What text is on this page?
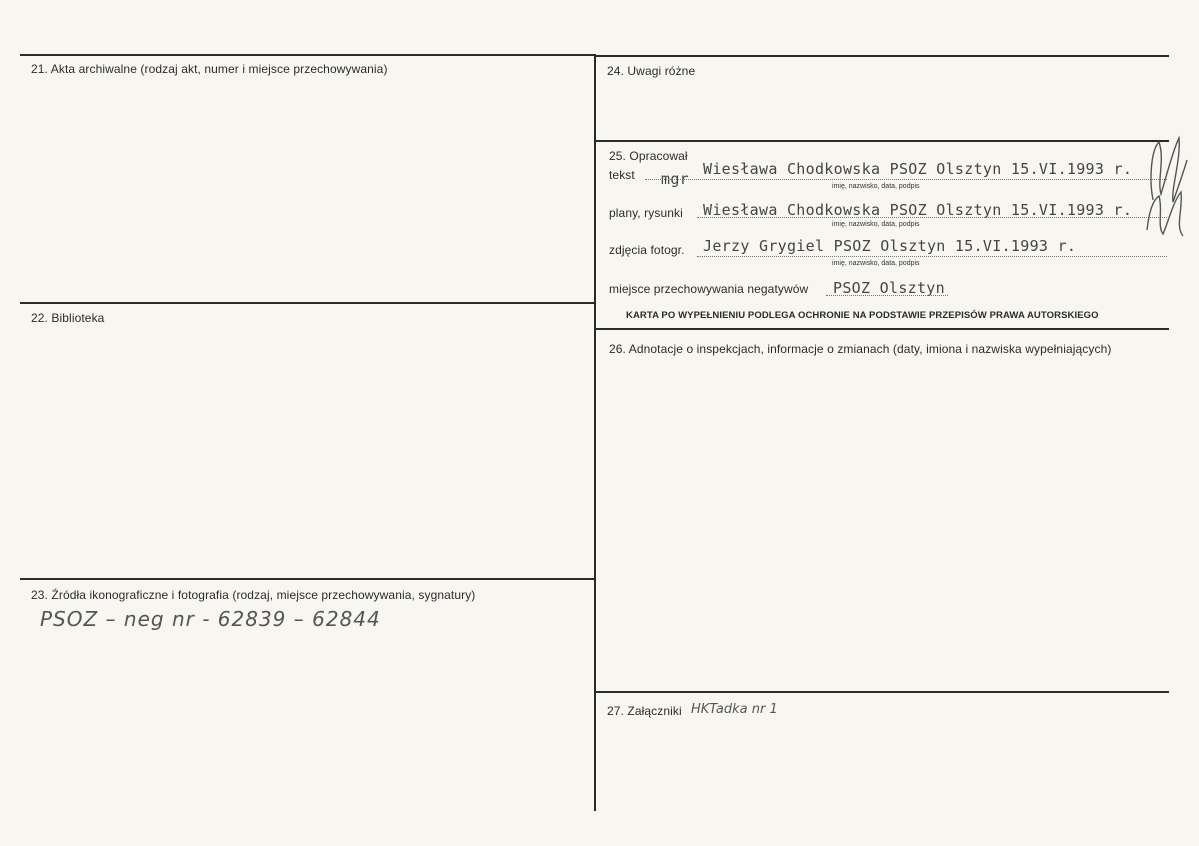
21. Akta archiwalne (rodzaj akt, numer i miejsce przechowywania)
22. Biblioteka
23. Źródła ikonograficzne i fotografia (rodzaj, miejsce przechowywania, sygnatury)
PSOZ – neg nr - 62839 – 62844
24. Uwagi różne
25. Opracował
tekst mgr
Wiesława Chodkowska PSOZ Olsztyn 15.VI.1993 r.
imię, nazwisko, data, podpis
plany, rysunki Wiesława Chodkowska PSOZ Olsztyn 15.VI.1993 r.
imię, nazwisko, data, podpis
zdjęcia fotogr. Jerzy Grygiel PSOZ Olsztyn 15.VI.1993 r.
imię, nazwisko, data, podpis
miejsce przechowywania negatywów PSOZ Olsztyn
KARTA PO WYPEŁNIENIU PODLEGA OCHRONIE NA PODSTAWIE PRZEPISÓW PRAWA AUTORSKIEGO
26. Adnotacje o inspekcjach, informacje o zmianach (daty, imiona i nazwiska wypełniających)
27. Załączniki HKTadka nr 1
